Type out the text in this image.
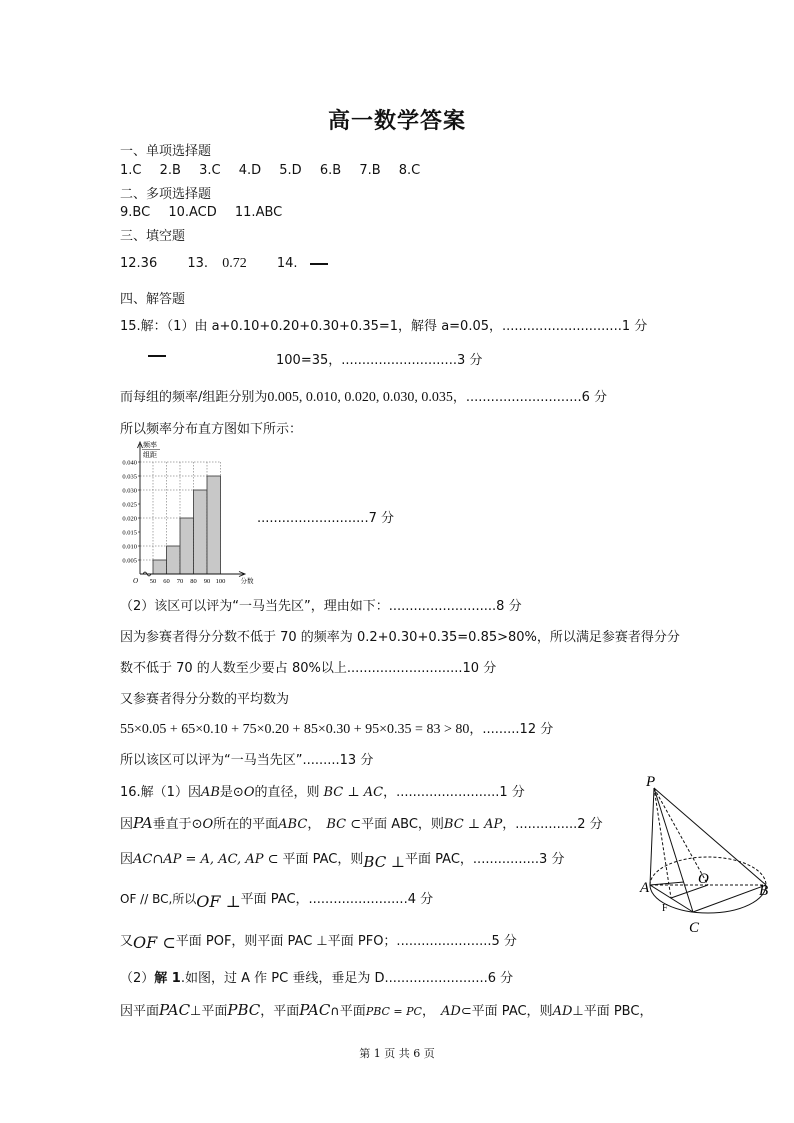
高一数学答案
一、单项选择题
1.C 2.B 3.C 4.D 5.D 6.B 7.B 8.C
二、多项选择题
9.BC 10.ACD 11.ABC
三、填空题
12.36 13. 0.72 14.
四、解答题
15.解：（1）由 a+0.10+0.20+0.30+0.35=1，解得 a=0.05，.............................1 分
100=35，............................3 分
而每组的频率/组距分别为0.005, 0.010, 0.020, 0.030, 0.035，............................6 分
所以频率分布直方图如下所示：
0.005
0.010
0.015
0.020
0.025
0.030
0.035
0.040
50 60 70 80 90 100
O	分数
频率
组距
...........................7 分
（2）该区可以评为“一马当先区”，理由如下：..........................8 分
因为参赛者得分分数不低于 70 的频率为 0.2+0.30+0.35=0.85>80%，所以满足参赛者得分分
数不低于 70 的人数至少要占 80%以上............................10 分
又参赛者得分分数的平均数为
55×0.05 + 65×0.10 + 75×0.20 + 85×0.30 + 95×0.35 = 83 > 80，.........12 分
所以该区可以评为“一马当先区”.........13 分
16.解（1）因AB是⊙O的直径，则 BC ⊥ AC，.........................1 分
因PA垂直于⊙O所在的平面ABC， BC ⊂平面 ABC，则BC ⊥ AP，...............2 分
因AC∩AP = A, AC, AP ⊂ 平面 PAC，则BC ⊥平面 PAC，................3 分
OF // BC,所以OF ⊥平面 PAC，........................4 分
又OF ⊂平面 POF，则平面 PAC ⊥平面 PFO；.......................5 分
（2）解 1.如图，过 A 作 PC 垂线，垂足为 D.........................6 分
因平面PAC⊥平面PBC，平面PAC∩平面PBC = PC， AD⊂平面 PAC，则AD⊥平面 PBC，
P
A
O
B
C
F
第 1 页 共 6 页
